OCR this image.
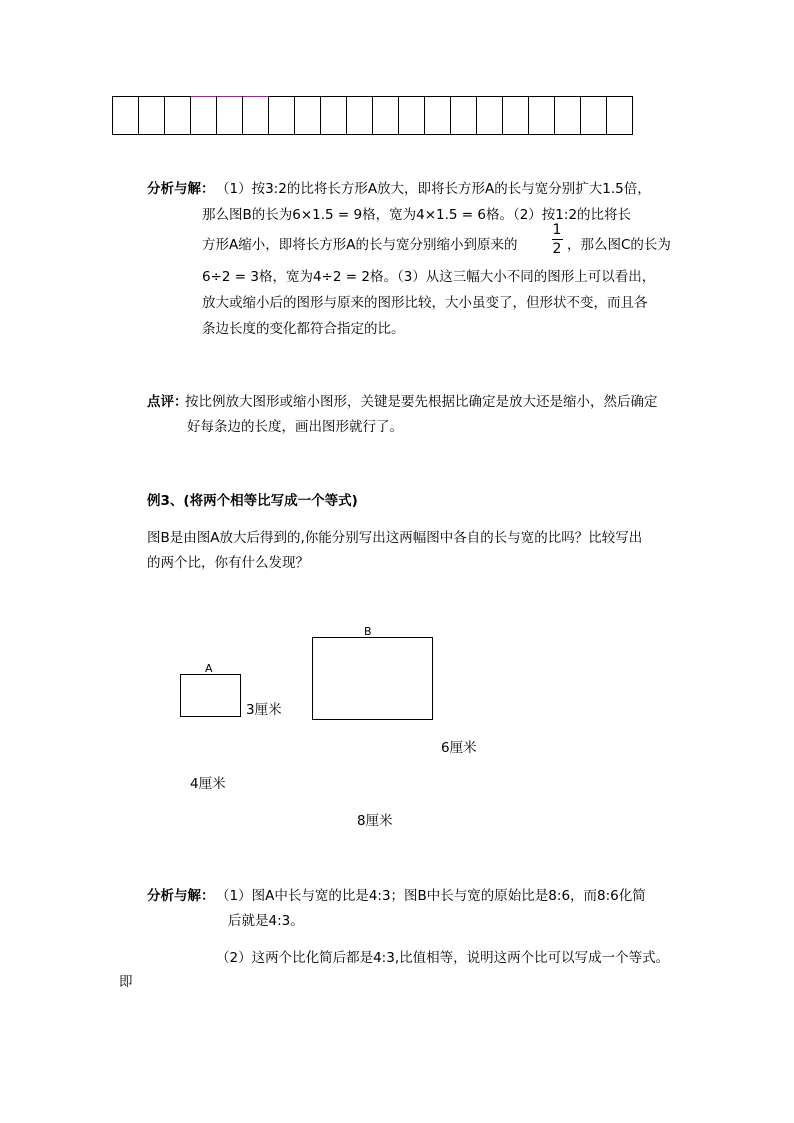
分析与解： （1）按3:2的比将长方形A放大，即将长方形A的长与宽分别扩大1.5倍，
那么图B的长为6×1.5 = 9格，宽为4×1.5 = 6格。（2）按1:2的比将长
方形A缩小，即将长方形A的长与宽分别缩小到原来的
1
2 ，那么图C的长为
6÷2 = 3格，宽为4÷2 = 2格。（3）从这三幅大小不同的图形上可以看出，
放大或缩小后的图形与原来的图形比较，大小虽变了，但形状不变，而且各
条边长度的变化都符合指定的比。
点评：
按比例放大图形或缩小图形，关键是要先根据比确定是放大还是缩小，然后确定
好每条边的长度，画出图形就行了。
例3、(将两个相等比写成一个等式)
图B是由图A放大后得到的,你能分别写出这两幅图中各自的长与宽的比吗？比较写出
的两个比，你有什么发现？
A
B
3厘米
6厘米
4厘米
8厘米
分析与解： （1）图A中长与宽的比是4:3；图B中长与宽的原始比是8:6，而8:6化简
后就是4:3。
（2）这两个比化简后都是4:3,比值相等，说明这两个比可以写成一个等式。
即
